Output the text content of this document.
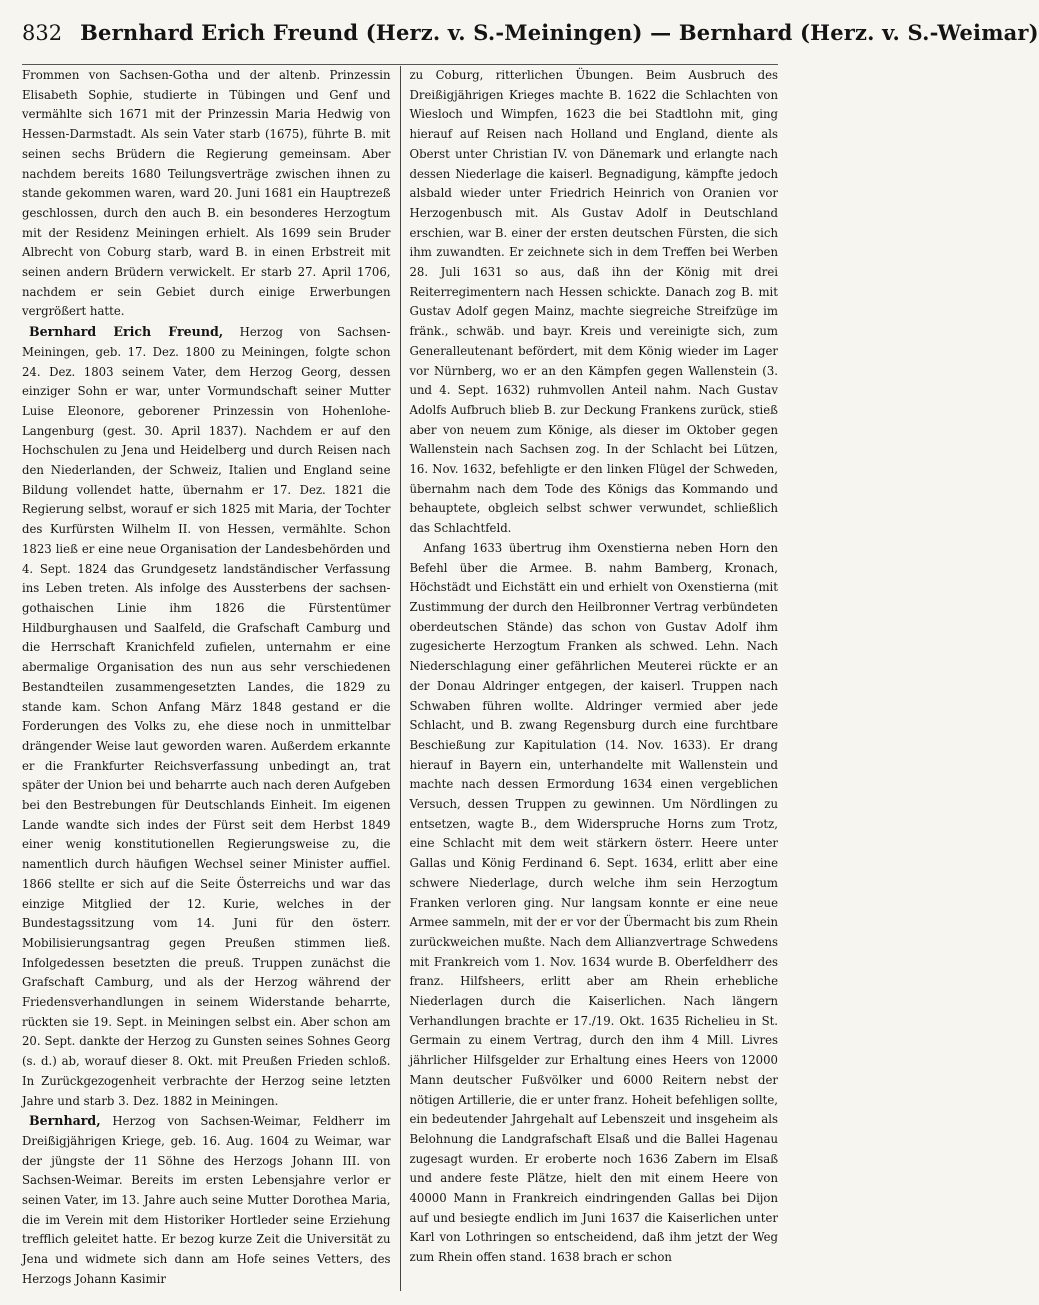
832 Bernhard Erich Freund (Herz. v. S.-Meiningen) — Bernhard (Herz. v. S.-Weimar)

Frommen von Sachsen-Gotha und der altenb. Prinzessin Elisabeth Sophie, studierte in Tübingen und Genf und vermählte sich 1671 mit der Prinzessin Maria Hedwig von Hessen-Darmstadt. Als sein Vater starb (1675), führte B. mit seinen sechs Brüdern die Regierung gemeinsam. Aber nachdem bereits 1680 Teilungsverträge zwischen ihnen zu stande gekommen waren, ward 20. Juni 1681 ein Hauptrezeß geschlossen, durch den auch B. ein besonderes Herzogtum mit der Residenz Meiningen erhielt. Als 1699 sein Bruder Albrecht von Coburg starb, ward B. in einen Erbstreit mit seinen andern Brüdern verwickelt. Er starb 27. April 1706, nachdem er sein Gebiet durch einige Erwerbungen vergrößert hatte.

Bernhard Erich Freund, Herzog von Sachsen-Meiningen, geb. 17. Dez. 1800 zu Meiningen, folgte schon 24. Dez. 1803 seinem Vater, dem Herzog Georg, dessen einziger Sohn er war, unter Vormundschaft seiner Mutter Luise Eleonore, geborener Prinzessin von Hohenlohe-Langenburg (gest. 30. April 1837). Nachdem er auf den Hochschulen zu Jena und Heidelberg und durch Reisen nach den Niederlanden, der Schweiz, Italien und England seine Bildung vollendet hatte, übernahm er 17. Dez. 1821 die Regierung selbst, worauf er sich 1825 mit Maria, der Tochter des Kurfürsten Wilhelm II. von Hessen, vermählte. Schon 1823 ließ er eine neue Organisation der Landesbehörden und 4. Sept. 1824 das Grundgesetz landständischer Verfassung ins Leben treten. Als infolge des Aussterbens der sachsen-gothaischen Linie ihm 1826 die Fürstentümer Hildburghausen und Saalfeld, die Grafschaft Camburg und die Herrschaft Kranichfeld zufielen, unternahm er eine abermalige Organisation des nun aus sehr verschiedenen Bestandteilen zusammengesetzten Landes, die 1829 zu stande kam. Schon Anfang März 1848 gestand er die Forderungen des Volks zu, ehe diese noch in unmittelbar drängender Weise laut geworden waren. Außerdem erkannte er die Frankfurter Reichsverfassung unbedingt an, trat später der Union bei und beharrte auch nach deren Aufgeben bei den Bestrebungen für Deutschlands Einheit. Im eigenen Lande wandte sich indes der Fürst seit dem Herbst 1849 einer wenig konstitutionellen Regierungsweise zu, die namentlich durch häufigen Wechsel seiner Minister auffiel. 1866 stellte er sich auf die Seite Österreichs und war das einzige Mitglied der 12. Kurie, welches in der Bundestagssitzung vom 14. Juni für den österr. Mobilisierungsantrag gegen Preußen stimmen ließ. Infolgedessen besetzten die preuß. Truppen zunächst die Grafschaft Camburg, und als der Herzog während der Friedensverhandlungen in seinem Widerstande beharrte, rückten sie 19. Sept. in Meiningen selbst ein. Aber schon am 20. Sept. dankte der Herzog zu Gunsten seines Sohnes Georg (s. d.) ab, worauf dieser 8. Okt. mit Preußen Frieden schloß. In Zurückgezogenheit verbrachte der Herzog seine letzten Jahre und starb 3. Dez. 1882 in Meiningen.

Bernhard, Herzog von Sachsen-Weimar, Feldherr im Dreißigjährigen Kriege, geb. 16. Aug. 1604 zu Weimar, war der jüngste der 11 Söhne des Herzogs Johann III. von Sachsen-Weimar. Bereits im ersten Lebensjahre verlor er seinen Vater, im 13. Jahre auch seine Mutter Dorothea Maria, die im Verein mit dem Historiker Hortleder seine Erziehung trefflich geleitet hatte. Er bezog kurze Zeit die Universität zu Jena und widmete sich dann am Hofe seines Vetters, des Herzogs Johann Kasimir

zu Coburg, ritterlichen Übungen. Beim Ausbruch des Dreißigjährigen Krieges machte B. 1622 die Schlachten von Wiesloch und Wimpfen, 1623 die bei Stadtlohn mit, ging hierauf auf Reisen nach Holland und England, diente als Oberst unter Christian IV. von Dänemark und erlangte nach dessen Niederlage die kaiserl. Begnadigung, kämpfte jedoch alsbald wieder unter Friedrich Heinrich von Oranien vor Herzogenbusch mit. Als Gustav Adolf in Deutschland erschien, war B. einer der ersten deutschen Fürsten, die sich ihm zuwandten. Er zeichnete sich in dem Treffen bei Werben 28. Juli 1631 so aus, daß ihn der König mit drei Reiterregimentern nach Hessen schickte. Danach zog B. mit Gustav Adolf gegen Mainz, machte siegreiche Streifzüge im fränk., schwäb. und bayr. Kreis und vereinigte sich, zum Generalleutenant befördert, mit dem König wieder im Lager vor Nürnberg, wo er an den Kämpfen gegen Wallenstein (3. und 4. Sept. 1632) ruhmvollen Anteil nahm. Nach Gustav Adolfs Aufbruch blieb B. zur Deckung Frankens zurück, stieß aber von neuem zum Könige, als dieser im Oktober gegen Wallenstein nach Sachsen zog. In der Schlacht bei Lützen, 16. Nov. 1632, befehligte er den linken Flügel der Schweden, übernahm nach dem Tode des Königs das Kommando und behauptete, obgleich selbst schwer verwundet, schließlich das Schlachtfeld.

Anfang 1633 übertrug ihm Oxenstierna neben Horn den Befehl über die Armee. B. nahm Bamberg, Kronach, Höchstädt und Eichstätt ein und erhielt von Oxenstierna (mit Zustimmung der durch den Heilbronner Vertrag verbündeten oberdeutschen Stände) das schon von Gustav Adolf ihm zugesicherte Herzogtum Franken als schwed. Lehn. Nach Niederschlagung einer gefährlichen Meuterei rückte er an der Donau Aldringer entgegen, der kaiserl. Truppen nach Schwaben führen wollte. Aldringer vermied aber jede Schlacht, und B. zwang Regensburg durch eine furchtbare Beschießung zur Kapitulation (14. Nov. 1633). Er drang hierauf in Bayern ein, unterhandelte mit Wallenstein und machte nach dessen Ermordung 1634 einen vergeblichen Versuch, dessen Truppen zu gewinnen. Um Nördlingen zu entsetzen, wagte B., dem Widerspruche Horns zum Trotz, eine Schlacht mit dem weit stärkern österr. Heere unter Gallas und König Ferdinand 6. Sept. 1634, erlitt aber eine schwere Niederlage, durch welche ihm sein Herzogtum Franken verloren ging. Nur langsam konnte er eine neue Armee sammeln, mit der er vor der Übermacht bis zum Rhein zurückweichen mußte. Nach dem Allianzvertrage Schwedens mit Frankreich vom 1. Nov. 1634 wurde B. Oberfeldherr des franz. Hilfsheers, erlitt aber am Rhein erhebliche Niederlagen durch die Kaiserlichen. Nach längern Verhandlungen brachte er 17./19. Okt. 1635 Richelieu in St. Germain zu einem Vertrag, durch den ihm 4 Mill. Livres jährlicher Hilfsgelder zur Erhaltung eines Heers von 12000 Mann deutscher Fußvölker und 6000 Reitern nebst der nötigen Artillerie, die er unter franz. Hoheit befehligen sollte, ein bedeutender Jahrgehalt auf Lebenszeit und insgeheim als Belohnung die Landgrafschaft Elsaß und die Ballei Hagenau zugesagt wurden. Er eroberte noch 1636 Zabern im Elsaß und andere feste Plätze, hielt den mit einem Heere von 40000 Mann in Frankreich eindringenden Gallas bei Dijon auf und besiegte endlich im Juni 1637 die Kaiserlichen unter Karl von Lothringen so entscheidend, daß ihm jetzt der Weg zum Rhein offen stand. 1638 brach er schon
